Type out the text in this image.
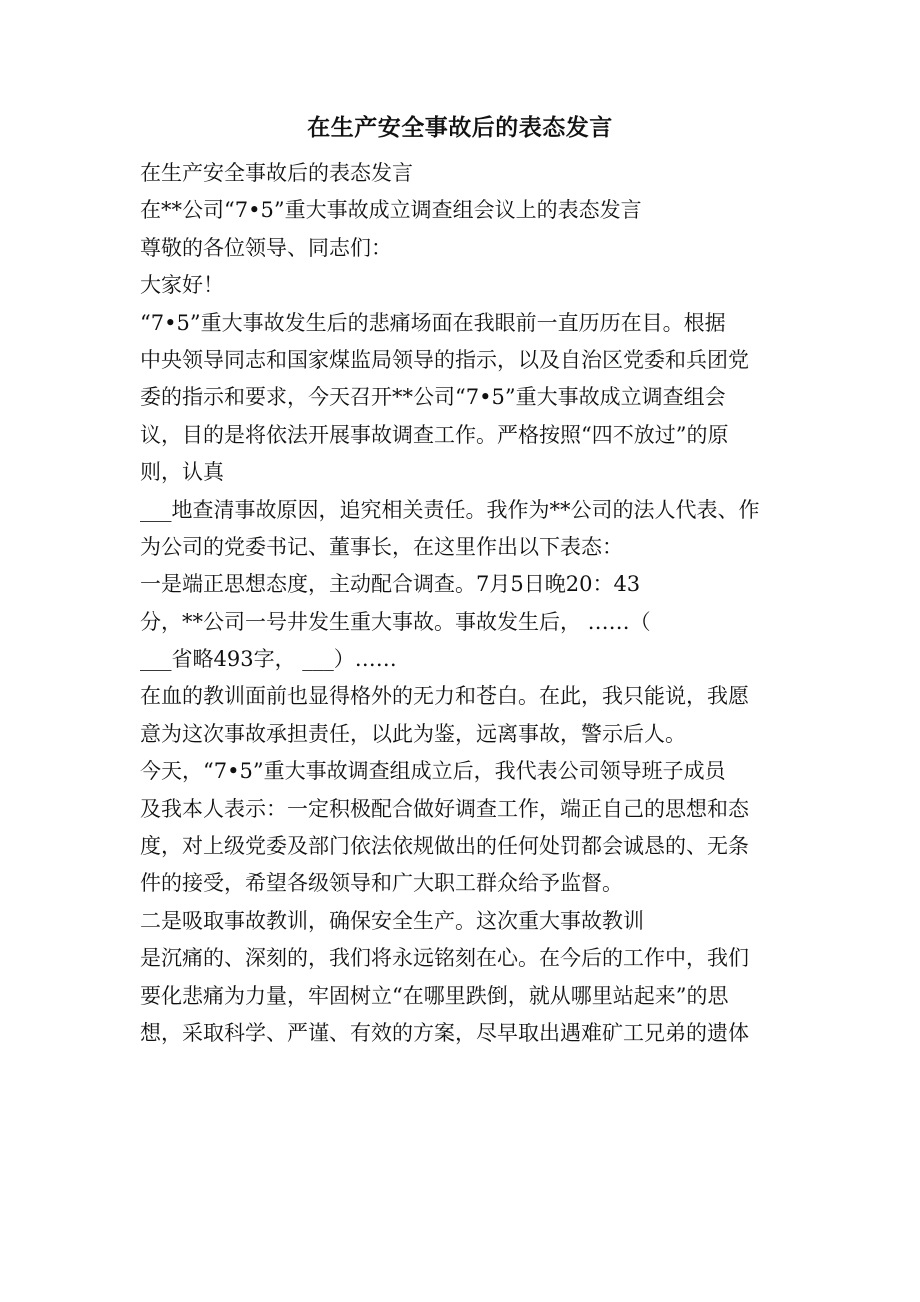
在生产安全事故后的表态发言
在生产安全事故后的表态发言
在**公司“7•5”重大事故成立调查组会议上的表态发言
尊敬的各位领导、同志们：
大家好！
“7•5”重大事故发生后的悲痛场面在我眼前一直历历在目。根据
中央领导同志和国家煤监局领导的指示，以及自治区党委和兵团党
委的指示和要求，今天召开**公司“7•5”重大事故成立调查组会
议，目的是将依法开展事故调查工作。严格按照“四不放过”的原
则，认真
___地查清事故原因，追究相关责任。我作为**公司的法人代表、作
为公司的党委书记、董事长，在这里作出以下表态：
一是端正思想态度，主动配合调查。7月5日晚20：43
分，**公司一号井发生重大事故。事故发生后， ……（
___省略493字， ___）……
在血的教训面前也显得格外的无力和苍白。在此，我只能说，我愿
意为这次事故承担责任，以此为鉴，远离事故，警示后人。
今天，“7•5”重大事故调查组成立后，我代表公司领导班子成员
及我本人表示：一定积极配合做好调查工作，端正自己的思想和态
度，对上级党委及部门依法依规做出的任何处罚都会诚恳的、无条
件的接受，希望各级领导和广大职工群众给予监督。
二是吸取事故教训，确保安全生产。这次重大事故教训
是沉痛的、深刻的，我们将永远铭刻在心。在今后的工作中，我们
要化悲痛为力量，牢固树立“在哪里跌倒，就从哪里站起来”的思
想，采取科学、严谨、有效的方案，尽早取出遇难矿工兄弟的遗体
